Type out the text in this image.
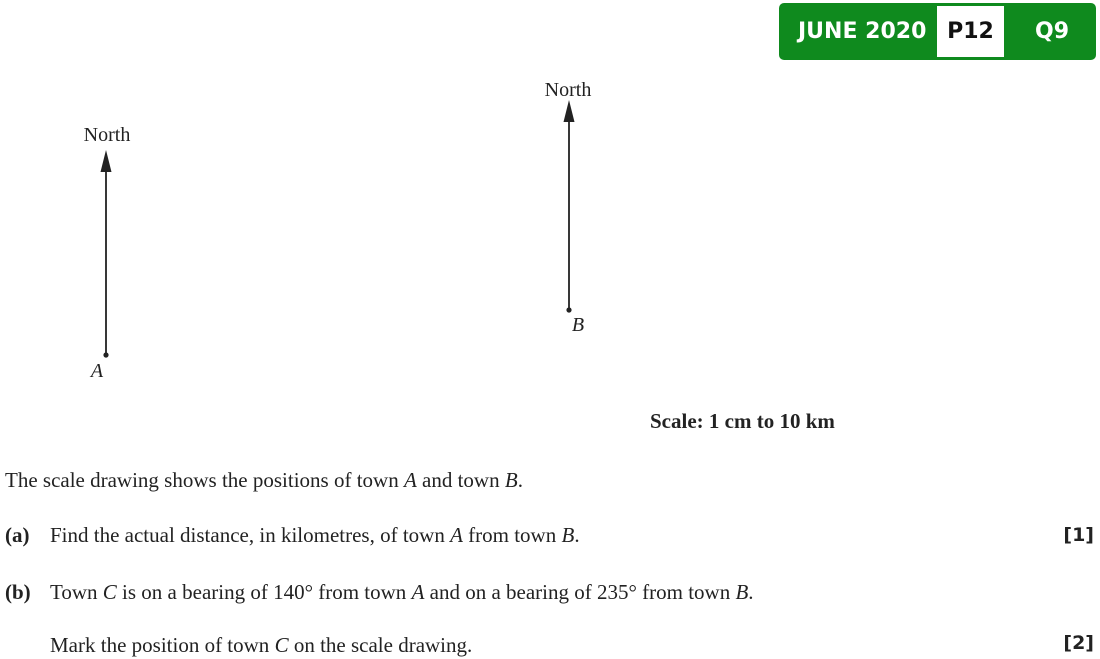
JUNE 2020 P12	Q9
North
A
North
B
Scale: 1 cm to 10 km
The scale drawing shows the positions of town A and town B.
(a) Find the actual distance, in kilometres, of town A from town B.	[1]
(b) Town C is on a bearing of 140° from town A and on a bearing of 235° from town B.
Mark the position of town C on the scale drawing.	[2]
